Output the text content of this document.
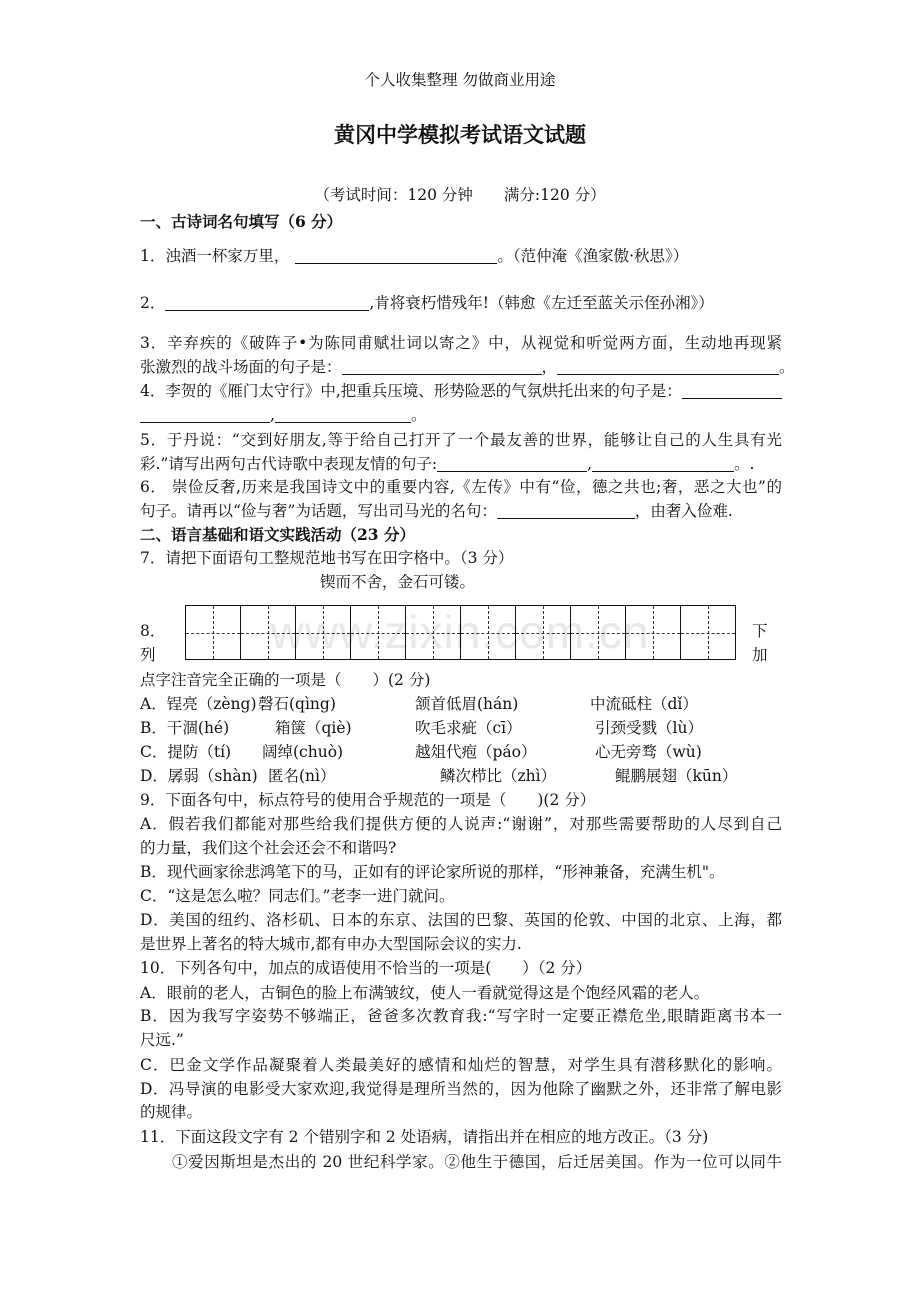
个人收集整理 勿做商业用途
黄冈中学模拟考试语文试题
（考试时间：120 分钟　　满分:120 分）
一、古诗词名句填写（6 分）
1．浊酒一杯家万里，	。（范仲淹《渔家傲·秋思》）
2．	,肯将衰朽惜残年!（韩愈《左迁至蓝关示侄孙湘》）
3．辛弃疾的《破阵子•为陈同甫赋壮词以寄之》中，从视觉和听觉两方面，生动地再现紧
张激烈的战斗场面的句子是：	，	。
4．李贺的《雁门太守行》中,把重兵压境、形势险恶的气氛烘托出来的句子是：
,	。
5．于丹说：“交到好朋友,等于给自己打开了一个最友善的世界，能够让自己的人生具有光
彩.”请写出两句古代诗歌中表现友情的句子:	,	。.
6． 崇俭反奢,历来是我国诗文中的重要内容,《左传》中有“俭，德之共也;奢，恶之大也”的
句子。请再以“俭与奢”为话题，写出司马光的名句：	，由奢入俭难.
二、语言基础和语文实践活动（23 分）
7．请把下面语句工整规范地书写在田字格中。（3 分）
锲而不舍，金石可镂。
8．	下
列	加
点字注音完全正确的一项是（　　）(2 分)
A．锃亮（zèng) 磬石(qìng)	颔首低眉(hán)	中流砥柱（dǐ）
B．干涸(hé)	箱箧（qiè)	吹毛求疵（cī）	引颈受戮（lù）
C．提防（tí) 阔绰(chuò)	越俎代疱（páo）	心无旁骛（wù)
D．孱弱（shàn) 匿名(nì）	鳞次栉比（zhì）	鲲鹏展翅（kūn）
9．下面各句中，标点符号的使用合乎规范的一项是（　　)(2 分）
A．假若我们都能对那些给我们提供方便的人说声:“谢谢”，对那些需要帮助的人尽到自己
的力量，我们这个社会还会不和谐吗?
B．现代画家徐悲鸿笔下的马，正如有的评论家所说的那样，“形神兼备，充满生机"。
C．“这是怎么啦？同志们。”老李一进门就问。
D．美国的纽约、洛杉矶、日本的东京、法国的巴黎、英国的伦敦、中国的北京、上海，都
是世界上著名的特大城市,都有申办大型国际会议的实力.
10．下列各句中，加点的成语使用不恰当的一项是(　　）（2 分）
A．眼前的老人，古铜色的脸上布满皱纹，使人一看就觉得这是个饱经风霜的老人。
B．因为我写字姿势不够端正，爸爸多次教育我:“写字时一定要正襟危坐,眼睛距离书本一
尺远.”
C．巴金文学作品凝聚着人类最美好的感情和灿烂的智慧，对学生具有潜移默化的影响。
D．冯导演的电影受大家欢迎,我觉得是理所当然的，因为他除了幽默之外，还非常了解电影
的规律。
11．下面这段文字有 2 个错别字和 2 处语病，请指出并在相应的地方改正。（3 分)
①爱因斯坦是杰出的 20 世纪科学家。②他生于德国，后迁居美国。作为一位可以同牛
www.zixin.com.cn
